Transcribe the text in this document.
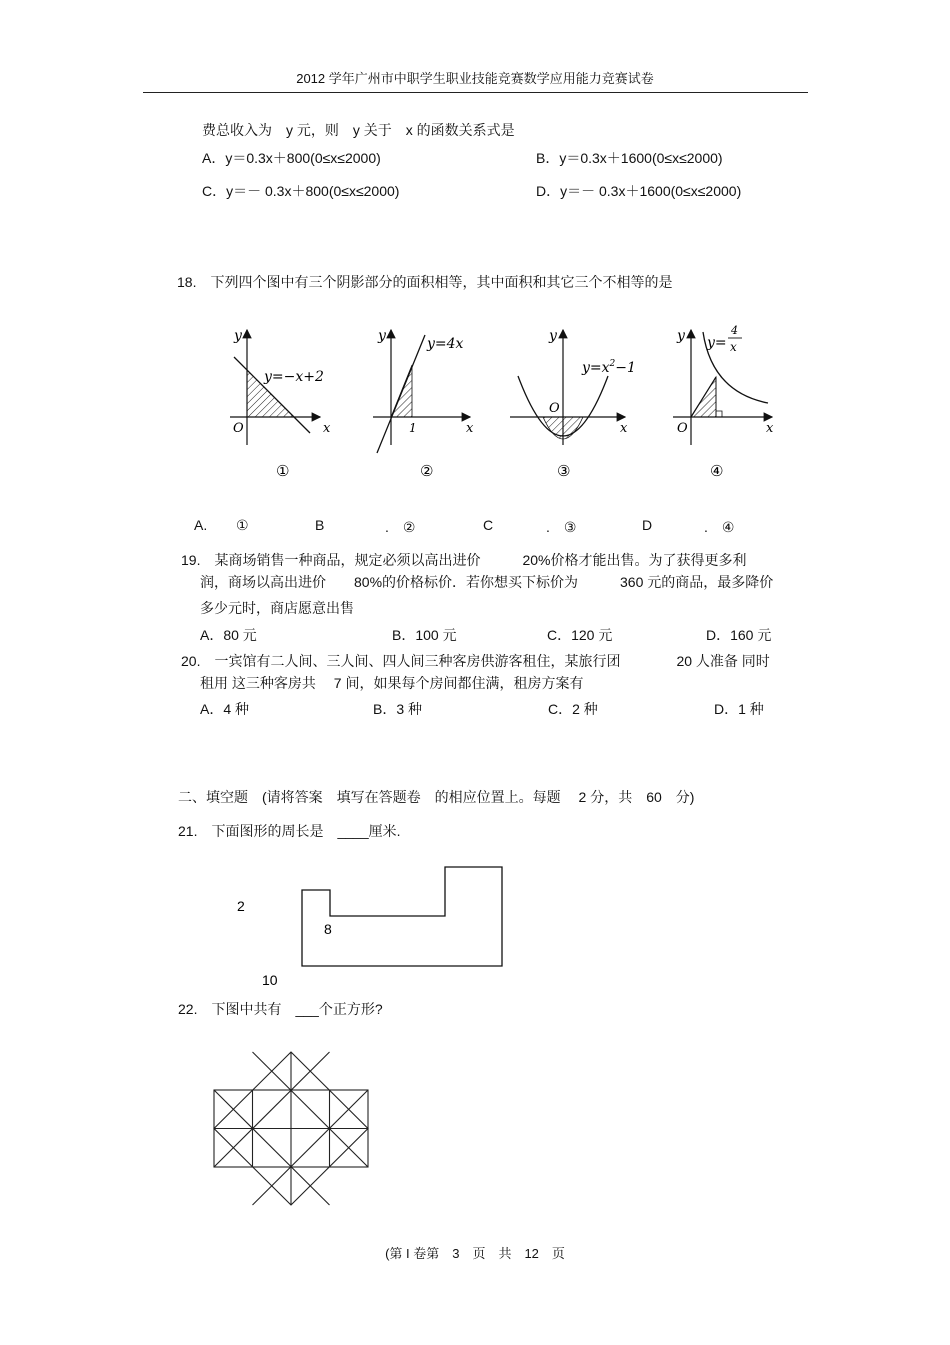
2012 学年广州市中职学生职业技能竞赛数学应用能力竞赛试卷
费总收入为　y 元，则　y 关于　x 的函数关系式是
A．y＝0.3x＋800(0≤x≤2000)	B．y＝0.3x＋1600(0≤x≤2000)
C．y＝－ 0.3x＋800(0≤x≤2000)	D．y＝－ 0.3x＋1600(0≤x≤2000)
18.　下列四个图中有三个阴影部分的面积相等，其中面积和其它三个不相等的是
y
x
O
y=−x+2
①
y
x
y=4x
1
②
y
x
O
$y=x^2-1$
③
y
x
O
y=
4
x
④
A. ①	B	.　②	C	.　③	D	.　④
19.　某商场销售一种商品，规定必须以高出进价　　　20%价格才能出售。为了获得更多利
润，商场以高出进价　　80%的价格标价．若你想买下标价为　　　360 元的商品，最多降价
多少元时，商店愿意出售
A．80 元	B．100 元	C．120 元	D．160 元
20.　一宾馆有二人间、三人间、四人间三种客房供游客租住，某旅行团　　　　20 人准备 同时
租用 这三种客房共　 7 间，如果每个房间都住满，租房方案有
A．4 种	B．3 种	C．2 种	D．1 种
二、填空题　(请将答案　填写在答题卷　的相应位置上。每题　 2 分，共　60　分)
21.　下面图形的周长是　____厘米.
2
8
10
22.　下图中共有　___个正方形?
(第 I 卷第　3　页　共　12　页
